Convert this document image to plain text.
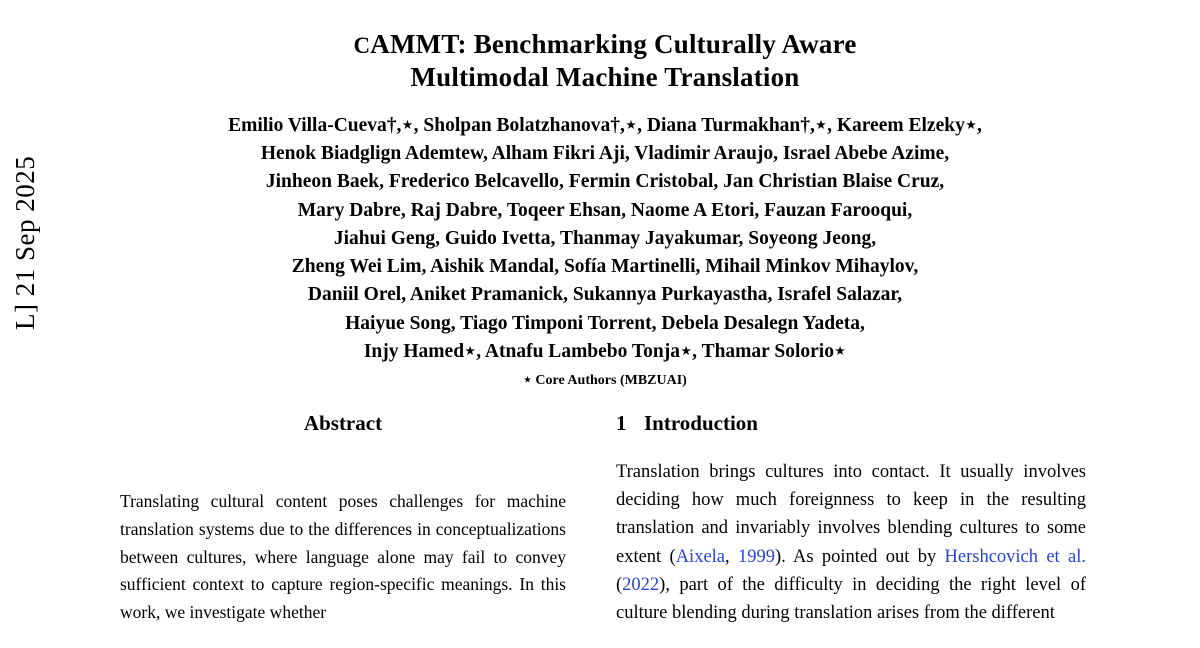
L] 21 Sep 2025
CAMMT: Benchmarking Culturally Aware
Multimodal Machine Translation
Emilio Villa-Cueva†,⋆, Sholpan Bolatzhanova†,⋆, Diana Turmakhan†,⋆, Kareem Elzeky⋆,
Henok Biadglign Ademtew, Alham Fikri Aji, Vladimir Araujo, Israel Abebe Azime,
Jinheon Baek, Frederico Belcavello, Fermin Cristobal, Jan Christian Blaise Cruz,
Mary Dabre, Raj Dabre, Toqeer Ehsan, Naome A Etori, Fauzan Farooqui,
Jiahui Geng, Guido Ivetta, Thanmay Jayakumar, Soyeong Jeong,
Zheng Wei Lim, Aishik Mandal, Sofía Martinelli, Mihail Minkov Mihaylov,
Daniil Orel, Aniket Pramanick, Sukannya Purkayastha, Israfel Salazar,
Haiyue Song, Tiago Timponi Torrent, Debela Desalegn Yadeta,
Injy Hamed⋆, Atnafu Lambebo Tonja⋆, Thamar Solorio⋆
⋆ Core Authors (MBZUAI)
Abstract
Translating cultural content poses challenges for machine translation systems due to the differences in conceptualizations between cultures, where language alone may fail to convey sufficient context to capture region-specific meanings. In this work, we investigate whether
1 Introduction
Translation brings cultures into contact. It usually involves deciding how much foreignness to keep in the resulting translation and invariably involves blending cultures to some extent (Aixela, 1999). As pointed out by Hershcovich et al. (2022), part of the difficulty in deciding the right level of culture blending during translation arises from the different
